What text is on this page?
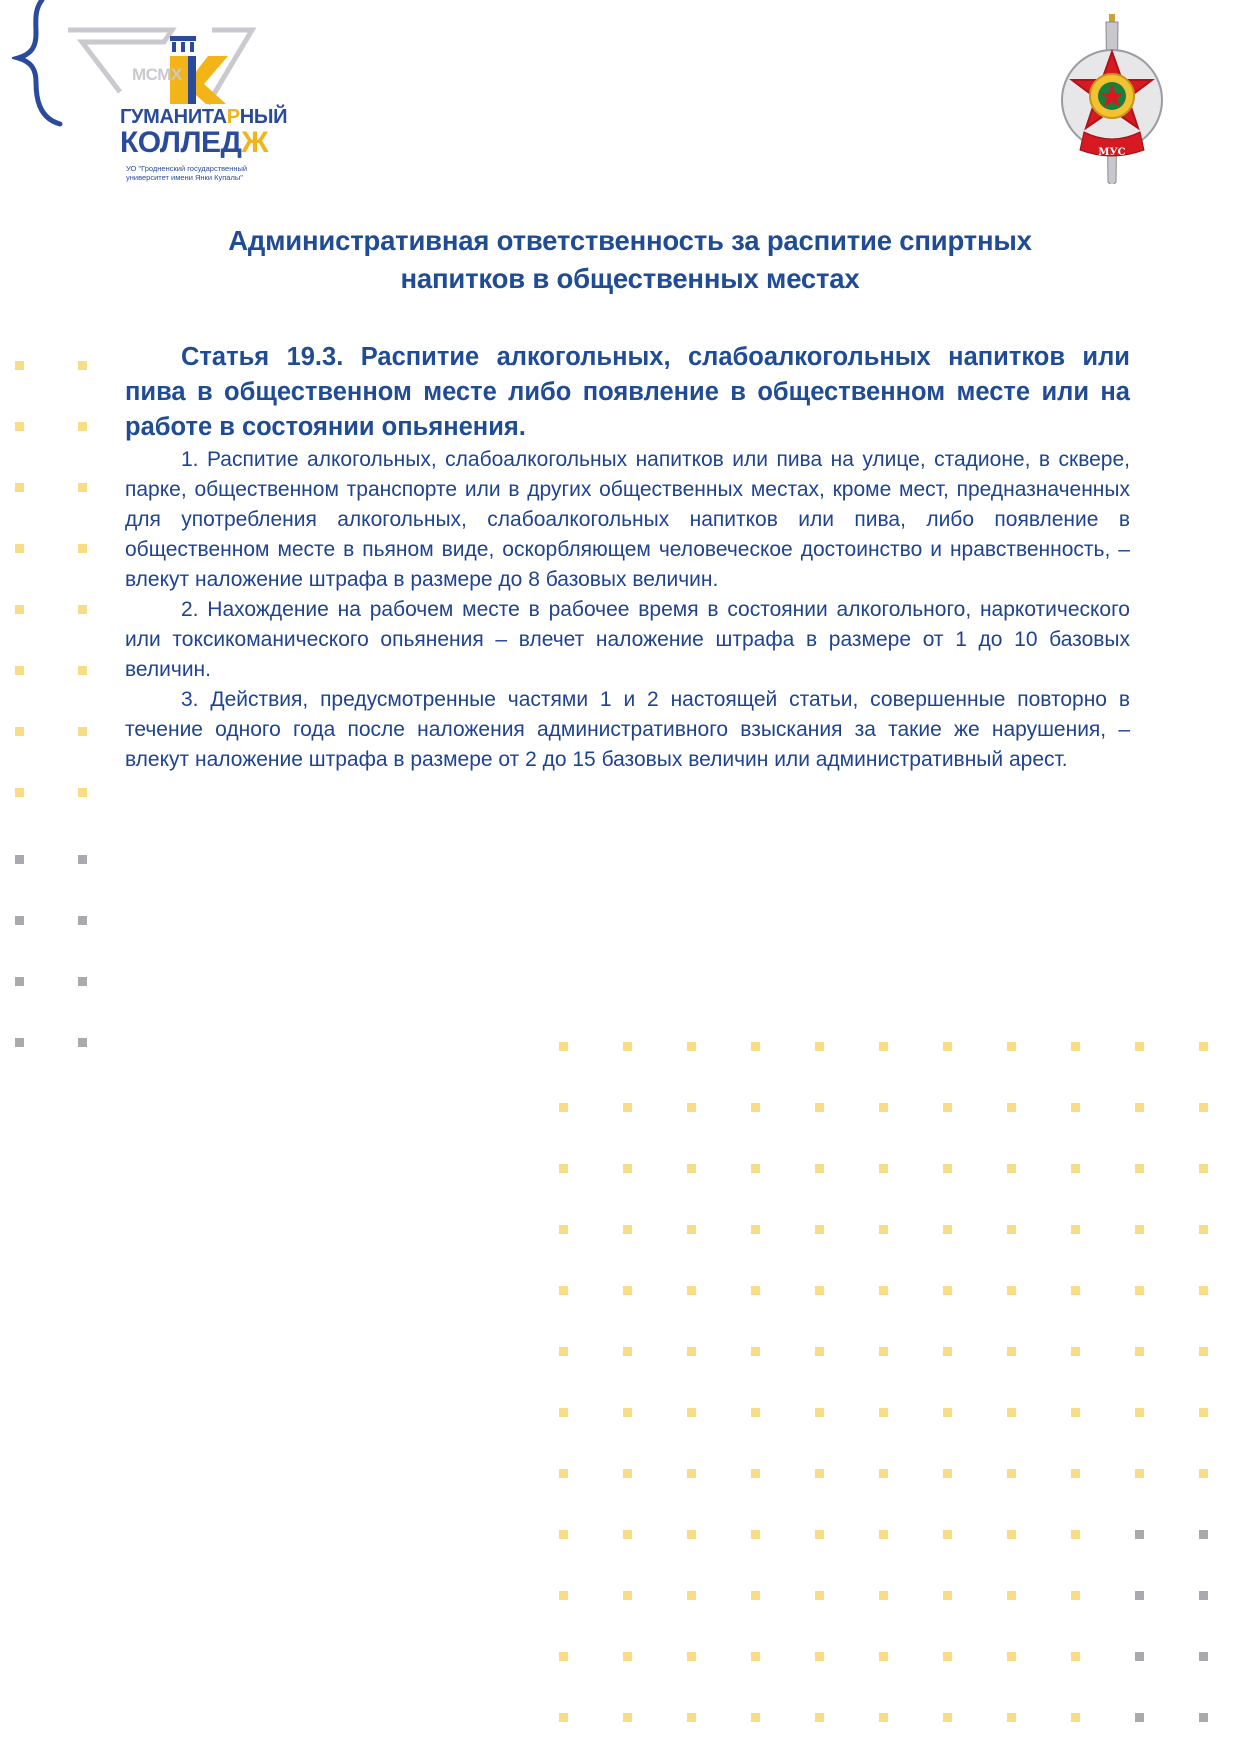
МСМХ
ГУМАНИТАРНЫЙ
КОЛЛЕДЖ
УО "Гродненский государственный
университет имени Янки Купалы"
МУС
Административная ответственность за распитие спиртных
напитков в общественных местах

Статья 19.3. Распитие алкогольных, слабоалкогольных напитков или пива в общественном месте либо появление в общественном месте или на работе в состоянии опьянения.

1. Распитие алкогольных, слабоалкогольных напитков или пива на улице, стадионе, в сквере, парке, общественном транспорте или в других общественных местах, кроме мест, предназначенных для употребления алкогольных, слабоалкогольных напитков или пива, либо появление в общественном месте в пьяном виде, оскорбляющем человеческое достоинство и нравственность, – влекут наложение штрафа в размере до 8 базовых величин.

2. Нахождение на рабочем месте в рабочее время в состоянии алкогольного, наркотического или токсикоманического опьянения – влечет наложение штрафа в размере от 1 до 10 базовых величин.

3. Действия, предусмотренные частями 1 и 2 настоящей статьи, совершенные повторно в течение одного года после наложения административного взыскания за такие же нарушения, – влекут наложение штрафа в размере от 2 до 15 базовых величин или административный арест.
